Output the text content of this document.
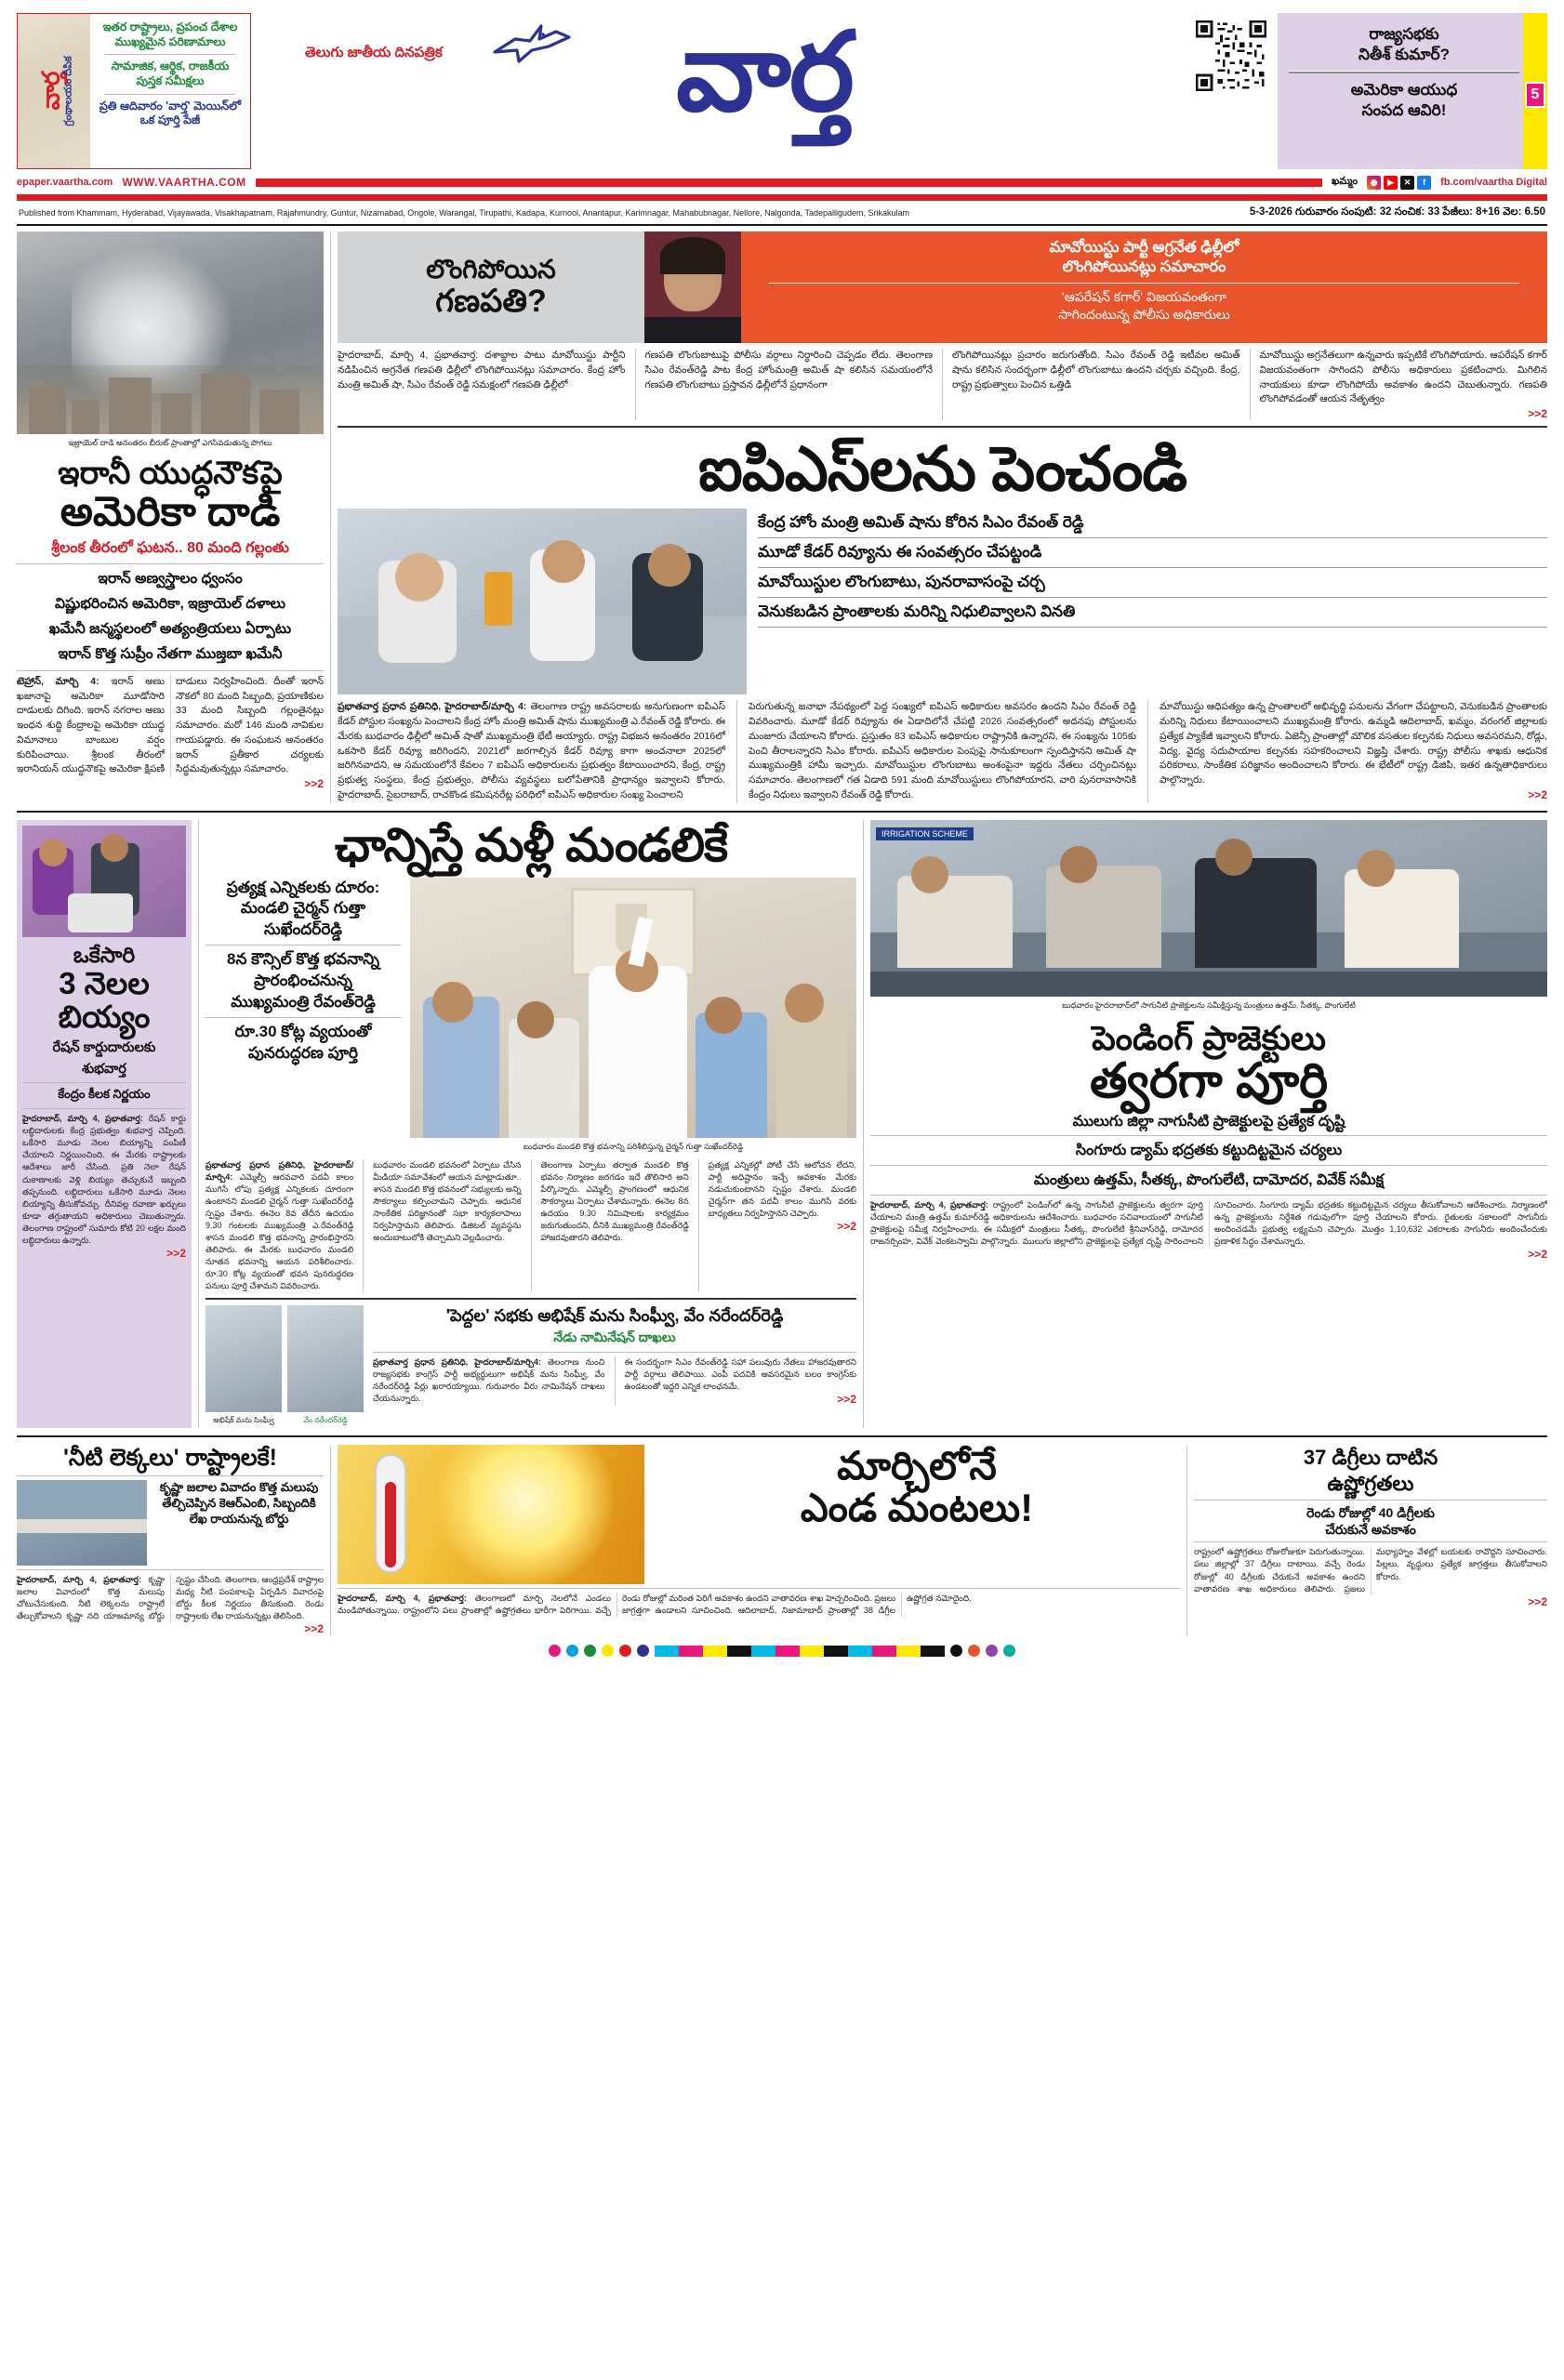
వార్త
గ్రంథాలయం దీపిక
ఇతర రాష్ట్రాలు, ప్రపంచ దేశాల
ముఖ్యమైన పరిణామాలు
సామాజిక, ఆర్థిక, రాజకీయ
పుస్తక సమీక్షలు
ప్రతి ఆదివారం 'వార్త' మెయిన్‌లో
ఒక పూర్తి పేజీ
తెలుగు జాతీయ దినపత్రిక వార్త	రాజ్యసభకు
నితీశ్ కుమార్?
అమెరికా ఆయుధ
సంపద ఆవిరి!
5
epaper.vaartha.com WWW.VAARTHA.COM	ఖమ్మం	◉	▶	✕	f	fb.com/vaartha Digital
Published from Khammam, Hyderabad, Vijayawada, Visakhapatnam, Rajahmundry, Guntur, Nizamabad, Ongole, Warangal, Tirupathi, Kadapa, Kurnool, Anantapur, Karimnagar, Mahabubnagar, Nellore, Nalgonda, Tadepalligudem, Srikakulam	5-3-2026 గురువారం సంపుటి: 32 సంచిక: 33 పేజీలు: 8+16 వెల: 6.50
ఇజ్రాయెల్ దాడి అనంతరం బీరుట్ ప్రాంతాల్లో ఎగసివడుతున్న పొగలు
ఇరానీ యుద్ధనౌకపై
అమెరికా దాడి
శ్రీలంక తీరంలో ఘటన.. 80 మంది గల్లంతు
ఇరాన్ అణ్వస్త్రాలం ధ్వంసం
విష్ణుభరించిన అమెరికా, ఇజ్రాయెల్ దళాలు
ఖమేనీ జన్మస్థలంలో అత్యంత్రియలు ఏర్పాటు
ఇరాన్ కొత్త సుప్రీం నేతగా ముజ్తబా ఖమేనీ
టెహ్రాన్, మార్చి 4: ఇరాన్ అణు ఖజానాపై అమెరికా మూడోసారి దాడులకు దిగింది. ఇరాన్ నగరాల అణు ఇంధన శుద్ధి కేంద్రాలపై అమెరికా యుద్ధ విమానాలు బాంబుల వర్షం కురిపించాయి. శ్రీలంక తీరంలో ఇరానియన్ యుద్ధనౌకపై అమెరికా క్షిపణి దాడులు నిర్వహించింది. దీంతో ఇరాన్ నౌకలో 80 మంది సిబ్బంది, ప్రయాణికుల 33 మంది సిబ్బంది గల్లంతైనట్లు సమాచారం. మరో 146 మంది నావికుల గాయపడ్డారు. ఈ సంఘటన అనంతరం ఇరాన్ ప్రతీకార చర్యలకు సిద్ధమవుతున్నట్లు సమాచారం.
>>2
లొంగిపోయిన
గణపతి?
మావోయిస్టు పార్టీ అగ్రనేత ఢిల్లీలో
లొంగిపోయినట్లు సమాచారం
'ఆపరేషన్ కగార్' విజయవంతంగా
సాగిందంటున్న పోలీసు అధికారులు
హైదరాబాద్, మార్చి 4, ప్రభాతవార్త: దశాబ్దాల పాటు మావోయిస్టు పార్టీని నడిపించిన అగ్రనేత గణపతి ఢిల్లీలో లొంగిపోయినట్లు సమాచారం. కేంద్ర హోం మంత్రి అమిత్ షా, సిఎం రేవంత్ రెడ్డి సమక్షంలో గణపతి ఢిల్లీలో
గణపతి లొంగుబాటుపై పోలీసు వర్గాలు నిర్ధారించి చెప్పడం లేదు. తెలంగాణ సిఎం రేవంత్‌రెడ్డి పాట కేంద్ర హోంమంత్రి అమిత్ షా కలిసిన సమయంలోనే గణపతి లొంగుబాటు ప్రస్తావన ఢిల్లీలోనే ప్రధానంగా
లొంగిపోయినట్లు ప్రచారం జరుగుతోంది. సిఎం రేవంత్ రెడ్డి ఇటీవల అమిత్ షాను కలిసిన సందర్భంగా ఢిల్లీలో లొంగుబాటు ఉందని చర్చకు వచ్చింది. కేంద్ర, రాష్ట్ర ప్రభుత్వాలు పెంచిన ఒత్తిడి
మావోయిస్టు అగ్రనేతలుగా ఉన్నవారు ఇప్పటికే లొంగిపోయారు. ఆపరేషన్ కగార్ విజయవంతంగా సాగిందని పోలీసు అధికారులు ప్రకటించారు. మిగిలిన నాయకులు కూడా లొంగిపోయే అవకాశం ఉందని చెబుతున్నారు. గణపతి లొంగిపోవడంతో ఆయన నేతృత్వం
>>2
ఐపిఎస్‌లను పెంచండి
కేంద్ర హోం మంత్రి అమిత్ షాను కోరిన సిఎం రేవంత్ రెడ్డి
మూడో కేడర్ రివ్యూను ఈ సంవత్సరం చేపట్టండి
మావోయిస్టుల లొంగుబాటు, పునరావాసంపై చర్చ
వెనుకబడిన ప్రాంతాలకు మరిన్ని నిధులివ్వాలని వినతి
ప్రభాతవార్త ప్రధాన ప్రతినిధి, హైదరాబాద్/మార్చి 4: తెలంగాణ రాష్ట్ర అవసరాలకు అనుగుణంగా ఐపిఎస్ కేడర్ పోస్టుల సంఖ్యను పెంచాలని కేంద్ర హోం మంత్రి అమిత్ షాను ముఖ్యమంత్రి ఎ.రేవంత్ రెడ్డి కోరారు. ఈ మేరకు బుధవారం ఢిల్లీలో అమిత్ షాతో ముఖ్యమంత్రి భేటీ అయ్యారు. రాష్ట్ర విభజన అనంతరం 2016లో ఒకసారి కేడర్ రివ్యూ జరిగిందని, 2021లో జరగాల్సిన కేడర్ రివ్యూ కాగా అంచనాలా 2025లో జరిగినవాదని, ఆ సమయంలోనే కేవలం 7 ఐపిఎస్ అధికారులను ప్రభుత్వం కేటాయించారని, కేంద్ర, రాష్ట్ర ప్రభుత్వ సంస్థలు, కేంద్ర ప్రభుత్వం, పోలీసు వ్యవస్థలు బలోపేతానికి ప్రాధాన్యం ఇవ్వాలని కోరారు. హైదరాబాద్, సైబరాబాద్, రాచకొండ కమిషనరేట్ల పరిధిలో ఐపిఎస్ అధికారుల సంఖ్య పెంచాలని
పెరుగుతున్న జనాభా నేపథ్యంలో పెద్ద సంఖ్యలో ఐపిఎస్ అధికారుల అవసరం ఉందని సిఎం రేవంత్ రెడ్డి వివరించారు. మూడో కేడర్ రివ్యూను ఈ ఏడాదిలోనే చేపట్టి 2026 సంవత్సరంలో అదనపు పోస్టులను మంజూరు చేయాలని కోరారు. ప్రస్తుతం 83 ఐపిఎస్ అధికారుల రాష్ట్రానికి ఉన్నారని, ఈ సంఖ్యను 105కు పెంచి తీరాలన్నారని సిఎం కోరారు. ఐపిఎస్ అధికారుల పెంపుపై సానుకూలంగా స్పందిస్తానని అమిత్ షా ముఖ్యమంత్రికి హామీ ఇచ్చారు. మావోయిస్టుల లొంగుబాటు అంశంపైనా ఇద్దరు నేతలు చర్చించినట్లు సమాచారం. తెలంగాణలో గత ఏడాది 591 మంది మావోయిస్టులు లొంగిపోయారని, వారి పునరావాసానికి కేంద్రం నిధులు ఇవ్వాలని రేవంత్ రెడ్డి కోరారు.
మావోయిస్టు ఆధిపత్యం ఉన్న ప్రాంతాలలో అభివృద్ధి పనులను వేగంగా చేపట్టాలని, వెనుకబడిన ప్రాంతాలకు మరిన్ని నిధులు కేటాయించాలని ముఖ్యమంత్రి కోరారు. ఉమ్మడి ఆదిలాబాద్, ఖమ్మం, వరంగల్ జిల్లాలకు ప్రత్యేక ప్యాకేజీ ఇవ్వాలని కోరారు. ఏజెన్సీ ప్రాంతాల్లో మౌలిక వసతుల కల్పనకు నిధులు అవసరమని, రోడ్లు, విద్య, వైద్య సదుపాయాల కల్పనకు సహకరించాలని విజ్ఞప్తి చేశారు. రాష్ట్ర పోలీసు శాఖకు ఆధునిక పరికరాలు, సాంకేతిక పరిజ్ఞానం అందించాలని కోరారు. ఈ భేటీలో రాష్ట్ర డిజిపి, ఇతర ఉన్నతాధికారులు పాల్గొన్నారు.
>>2
ఒకేసారి
3 నెలల
బియ్యం
రేషన్ కార్డుదారులకు
శుభవార్త
కేంద్రం కీలక నిర్ణయం
హైదరాబాద్, మార్చి 4, ప్రభాతవార్త: రేషన్ కార్డు లబ్ధిదారులకు కేంద్ర ప్రభుత్వం శుభవార్త చెప్పింది. ఒకేసారి మూడు నెలల బియ్యాన్ని పంపిణీ చేయాలని నిర్ణయించింది. ఈ మేరకు రాష్ట్రాలకు ఆదేశాలు జారీ చేసింది. ప్రతి నెలా రేషన్ దుకాణాలకు వెళ్లి బియ్యం తెచ్చుకునే ఇబ్బంది తప్పనుంది. లబ్ధిదారులు ఒకేసారి మూడు నెలల బియ్యాన్ని తీసుకోవచ్చు. దీనివల్ల రవాణా ఖర్చులు కూడా తగ్గుతాయని అధికారులు చెబుతున్నారు. తెలంగాణ రాష్ట్రంలో సుమారు కోటి 20 లక్షల మంది లబ్ధిదారులు ఉన్నారు.
>>2
ఛాన్నిస్తే మళ్లీ మండలికే
ప్రత్యక్ష ఎన్నికలకు దూరం:
మండలి చైర్మన్ గుత్తా
సుఖేందర్‌రెడ్డి
8న కౌన్సిల్ కొత్త భవనాన్ని
ప్రారంభించనున్న
ముఖ్యమంత్రి రేవంత్‌రెడ్డి
రూ.30 కోట్ల వ్యయంతో
పునరుద్ధరణ పూర్తి
బుధవారం మండలి కొత్త భవనాన్ని పరిశీలిస్తున్న చైర్మన్ గుత్తా సుఖేందర్‌రెడ్డి
ప్రభాతవార్త ప్రధాన ప్రతినిధి, హైదరాబాద్/మార్చి4: ఎమ్మెల్సీ ఆరవవారి పదవీ కాలం ముగిసే లోపు ప్రత్యక్ష ఎన్నికలకు దూరంగా ఉంటానని మండలి చైర్మన్ గుత్తా సుఖేందర్‌రెడ్డి స్పష్టం చేశారు. ఈనెల 8వ తేదీన ఉదయం 9.30 గంటలకు ముఖ్యమంత్రి ఎ.రేవంత్‌రెడ్డి శాసన మండలి కొత్త భవనాన్ని ప్రారంభిస్తారని తెలిపారు. ఈ మేరకు బుధవారం మండలి నూతన భవనాన్ని ఆయన పరిశీలించారు. రూ.30 కోట్ల వ్యయంతో భవన పునరుద్ధరణ పనులు పూర్తి చేశామని వివరించారు.
బుధవారం మండలి భవనంలో ఏర్పాటు చేసిన మీడియా సమావేశంలో ఆయన మాట్లాడుతూ.. శాసన మండలి కొత్త భవనంలో సభ్యులకు అన్ని సౌకర్యాలు కల్పించామని చెప్పారు. ఆధునిక సాంకేతిక పరిజ్ఞానంతో సభా కార్యకలాపాలు నిర్వహిస్తామని తెలిపారు. డిజిటల్ వ్యవస్థను అందుబాటులోకి తెచ్చామని వెల్లడించారు.
తెలంగాణ ఏర్పాటు తర్వాత మండలి కొత్త భవనం నిర్మాణం జరగడం ఇదే తొలిసారి అని పేర్కొన్నారు. ఎమ్మెల్సీ ప్రాంగణంలో ఆధునిక సౌకర్యాలు ఏర్పాటు చేశామన్నారు. ఈనెల 8న ఉదయం 9.30 నిమిషాలకు కార్యక్రమం జరుగుతుందని, దీనికి ముఖ్యమంత్రి రేవంత్‌రెడ్డి హాజరవుతారని తెలిపారు.
ప్రత్యక్ష ఎన్నికల్లో పోటీ చేసే ఆలోచన లేదని, పార్టీ అధిష్టానం ఇచ్చే అవకాశం మేరకు నడుచుకుంటానని స్పష్టం చేశారు. మండలి చైర్మన్‌గా తన పదవీ కాలం ముగిసే వరకు బాధ్యతలు నిర్వహిస్తానని చెప్పారు.
>>2
అభిషేక్ మను సింఘ్వీ	వేం నరేందర్‌రెడ్డి
'పెద్దల' సభకు అభిషేక్ మను సింఘ్వీ, వేం నరేందర్‌రెడ్డి
నేడు నామినేషన్ దాఖలు
ప్రభాతవార్త ప్రధాన ప్రతినిధి, హైదరాబాద్/మార్చి4: తెలంగాణ నుంచి రాజ్యసభకు కాంగ్రెస్ పార్టీ అభ్యర్థులుగా అభిషేక్ మను సింఘ్వీ, వేం నరేందర్‌రెడ్డి పేర్లు ఖరారయ్యాయి. గురువారం వీరు నామినేషన్ దాఖలు చేయనున్నారు.
ఈ సందర్భంగా సిఎం రేవంత్‌రెడ్డి సహా పలువురు నేతలు హాజరవుతారని పార్టీ వర్గాలు తెలిపాయి. ఎంపీ పదవికి అవసరమైన బలం కాంగ్రెస్‌కు ఉండటంతో ఇద్దరి ఎన్నిక లాంఛనమే.
>>2
IRRIGATION SCHEME
బుధవారం హైదరాబాద్‌లో సాగునీటి ప్రాజెక్టులను సమీక్షిస్తున్న మంత్రులు ఉత్తమ్, సీతక్క, పొంగులేటి
పెండింగ్ ప్రాజెక్టులు
త్వరగా పూర్తి
ములుగు జిల్లా నాగుసీటి ప్రాజెక్టులపై ప్రత్యేక దృష్టి
సింగూరు డ్యామ్ భద్రతకు కట్టుదిట్టమైన చర్యలు
మంత్రులు ఉత్తమ్, సీతక్క, పొంగులేటి, దామోదర, వివేక్ సమీక్ష
హైదరాబాద్, మార్చి 4, ప్రభాతవార్త: రాష్ట్రంలో పెండింగ్‌లో ఉన్న సాగునీటి ప్రాజెక్టులను త్వరగా పూర్తి చేయాలని మంత్రి ఉత్తమ్ కుమార్‌రెడ్డి అధికారులను ఆదేశించారు. బుధవారం సచివాలయంలో సాగునీటి ప్రాజెక్టులపై సమీక్ష నిర్వహించారు. ఈ సమీక్షలో మంత్రులు సీతక్క, పొంగులేటి శ్రీనివాస్‌రెడ్డి, దామోదర రాజనర్సింహ, వివేక్ వెంకటస్వామి పాల్గొన్నారు. ములుగు జిల్లాలోని ప్రాజెక్టులపై ప్రత్యేక దృష్టి సారించాలని సూచించారు. సింగూరు డ్యామ్ భద్రతకు కట్టుదిట్టమైన చర్యలు తీసుకోవాలని ఆదేశించారు. నిర్మాణంలో ఉన్న ప్రాజెక్టులను నిర్దేశిత గడువులోగా పూర్తి చేయాలని కోరారు. రైతులకు సకాలంలో సాగునీరు అందించడమే ప్రభుత్వ లక్ష్యమని చెప్పారు. మొత్తం 1,10,632 ఎకరాలకు సాగునీరు అందించేందుకు ప్రణాళిక సిద్ధం చేశామన్నారు.
>>2
'నీటి లెక్కలు' రాష్ట్రాలకే!
కృష్ణా జలాల వివాదం కొత్త మలుపు
తేల్చిచెప్పిన కెఆర్‌ఎంబి, సిబ్బందికి
లేఖ రాయనున్న బోర్డు
హైదరాబాద్, మార్చి 4, ప్రభాతవార్త: కృష్ణా జలాల వివాదంలో కొత్త మలుపు చోటుచేసుకుంది. నీటి లెక్కలను రాష్ట్రాలే తేల్చుకోవాలని కృష్ణా నది యాజమాన్య బోర్డు స్పష్టం చేసింది. తెలంగాణ, ఆంధ్రప్రదేశ్ రాష్ట్రాల మధ్య నీటి పంపకాలపై ఏర్పడిన వివాదంపై బోర్డు కీలక నిర్ణయం తీసుకుంది. రెండు రాష్ట్రాలకు లేఖ రాయనున్నట్లు తెలిసింది.
>>2
మార్చిలోనే
ఎండ మంటలు!
హైదరాబాద్, మార్చి 4, ప్రభాతవార్త: తెలంగాణలో మార్చి నెలలోనే ఎండలు మండిపోతున్నాయి. రాష్ట్రంలోని పలు ప్రాంతాల్లో ఉష్ణోగ్రతలు భారీగా పెరిగాయి. వచ్చే రెండు రోజుల్లో మరింత పెరిగే అవకాశం ఉందని వాతావరణ శాఖ హెచ్చరించింది. ప్రజలు జాగ్రత్తగా ఉండాలని సూచించింది. ఆదిలాబాద్, నిజామాబాద్ ప్రాంతాల్లో 38 డిగ్రీల ఉష్ణోగ్రత నమోదైంది.
37 డిగ్రీలు దాటిన
ఉష్ణోగ్రతలు
రెండు రోజుల్లో 40 డిగ్రీలకు
చేరుకునే అవకాశం
రాష్ట్రంలో ఉష్ణోగ్రతలు రోజురోజుకూ పెరుగుతున్నాయి. పలు జిల్లాల్లో 37 డిగ్రీలు దాటాయి. వచ్చే రెండు రోజుల్లో 40 డిగ్రీలకు చేరుకునే అవకాశం ఉందని వాతావరణ శాఖ అధికారులు తెలిపారు. ప్రజలు మధ్యాహ్నం వేళల్లో బయటకు రావొద్దని సూచించారు. పిల్లలు, వృద్ధులు ప్రత్యేక జాగ్రత్తలు తీసుకోవాలని కోరారు.
>>2
